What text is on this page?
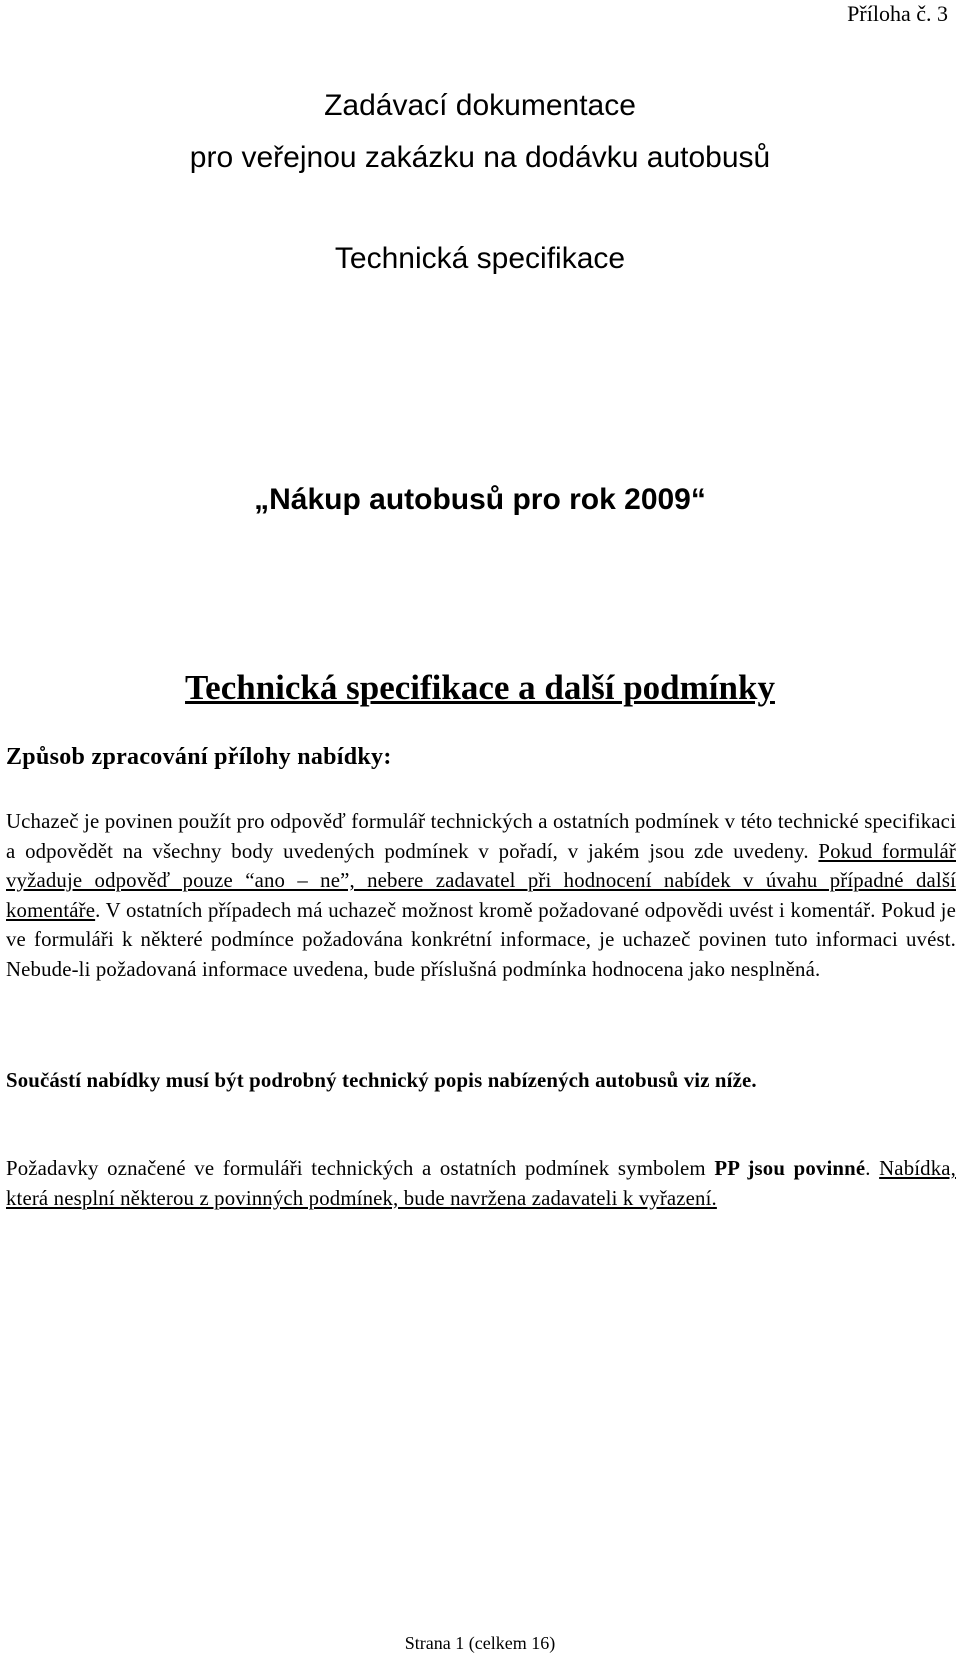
Příloha č. 3
Zadávací dokumentace
pro veřejnou zakázku na dodávku autobusů
Technická specifikace
„Nákup autobusů pro rok 2009“
Technická specifikace a další podmínky
Způsob zpracování přílohy nabídky:
Uchazeč je povinen použít pro odpověď formulář technických a ostatních podmínek v této technické specifikaci a odpovědět na všechny body uvedených podmínek v pořadí, v jakém jsou zde uvedeny. Pokud formulář vyžaduje odpověď pouze “ano – ne”, nebere zadavatel při hodnocení nabídek v úvahu případné další komentáře. V ostatních případech má uchazeč možnost kromě požadované odpovědi uvést i komentář. Pokud je ve formuláři k některé podmínce požadována konkrétní informace, je uchazeč povinen tuto informaci uvést. Nebude-li požadovaná informace uvedena, bude příslušná podmínka hodnocena jako nesplněná.
Součástí nabídky musí být podrobný technický popis nabízených autobusů viz níže.
Požadavky označené ve formuláři technických a ostatních podmínek symbolem PP jsou povinné. Nabídka, která nesplní některou z povinných podmínek, bude navržena zadavateli k vyřazení.
Strana 1 (celkem 16)
